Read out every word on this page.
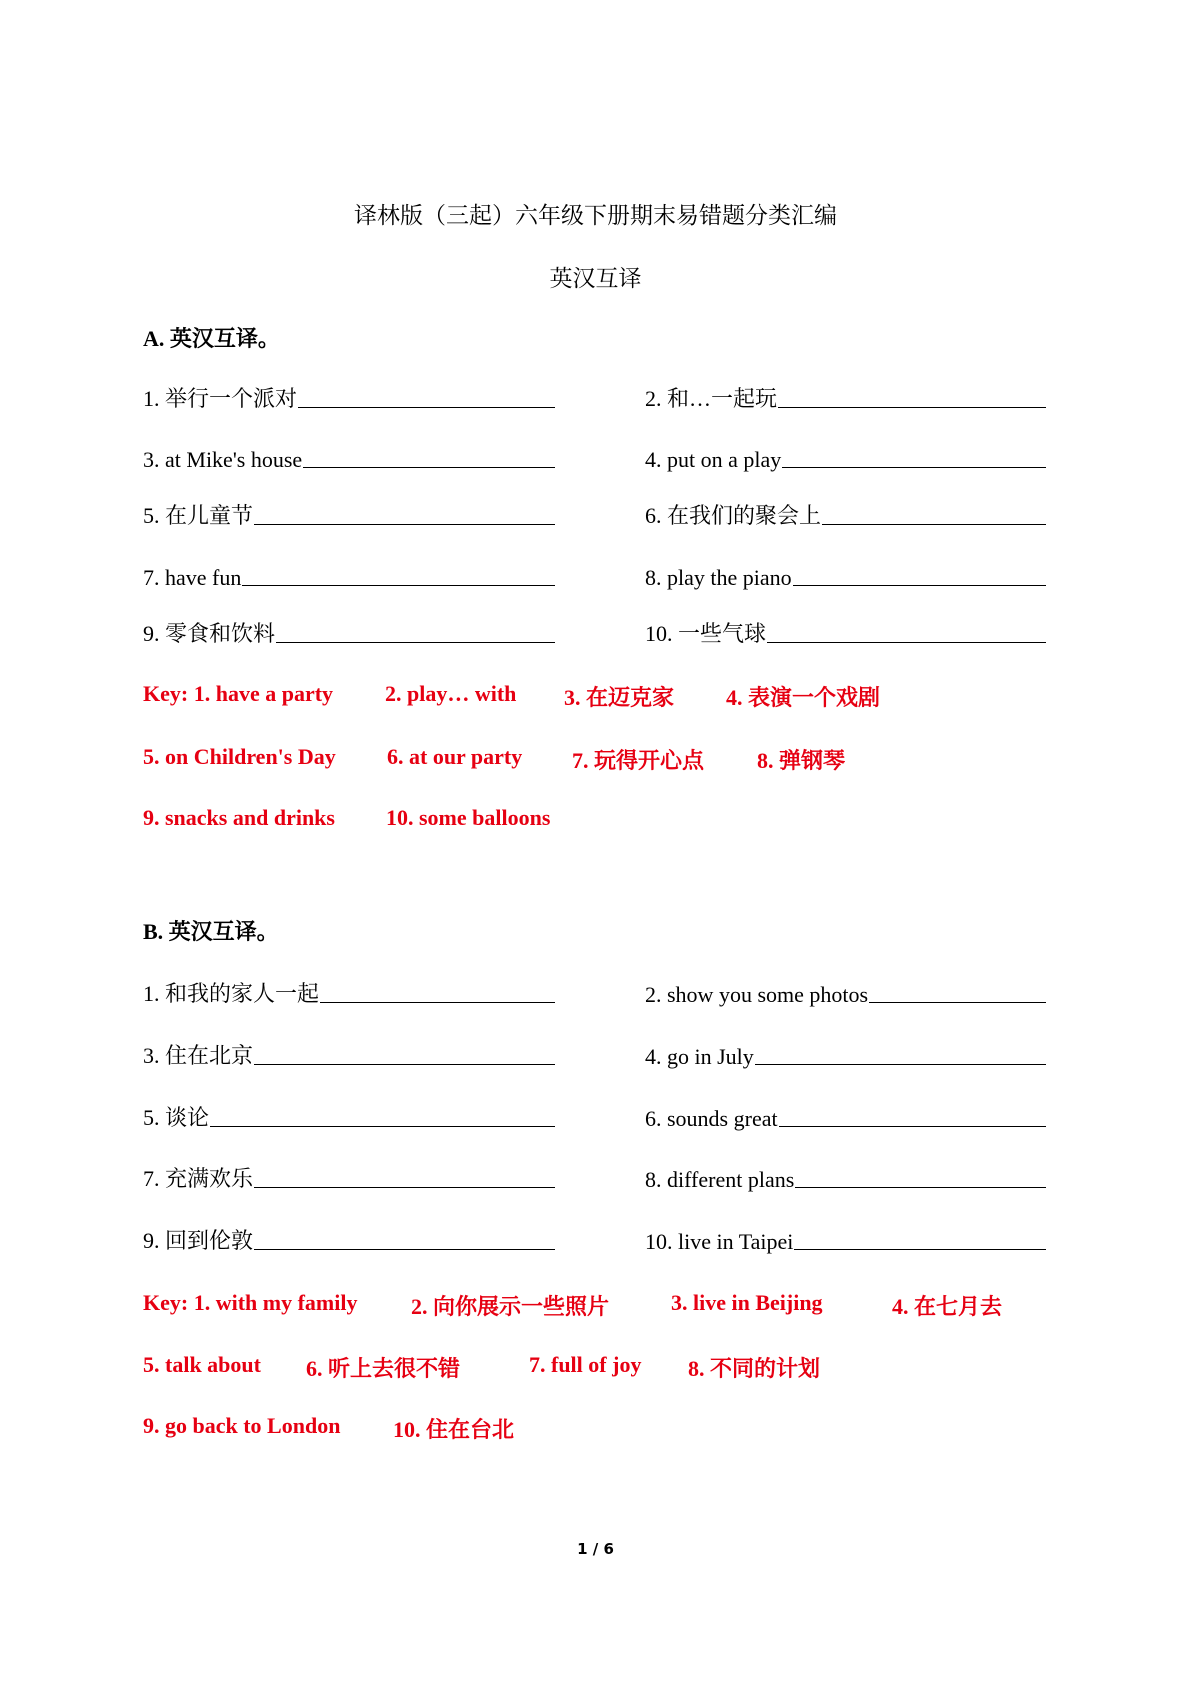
译林版（三起）六年级下册期末易错题分类汇编
英汉互译
A. 英汉互译。
1. 举行一个派对	2. 和…一起玩
3. at Mike's house	4. put on a play
5. 在儿童节	6. 在我们的聚会上
7. have fun	8. play the piano
9. 零食和饮料	10. 一些气球
Key: 1. have a party 2. play… with 3. 在迈克家 4. 表演一个戏剧
5. on Children's Day 6. at our party 7. 玩得开心点 8. 弹钢琴
9. snacks and drinks 10. some balloons
B. 英汉互译。
1. 和我的家人一起	2. show you some photos
3. 住在北京	4. go in July
5. 谈论	6. sounds great
7. 充满欢乐	8. different plans
9. 回到伦敦	10. live in Taipei
Key: 1. with my family 2. 向你展示一些照片	3. live in Beijing	4. 在七月去
5. talk about 6. 听上去很不错	7. full of joy 8. 不同的计划
9. go back to London 10. 住在台北
1 / 6
